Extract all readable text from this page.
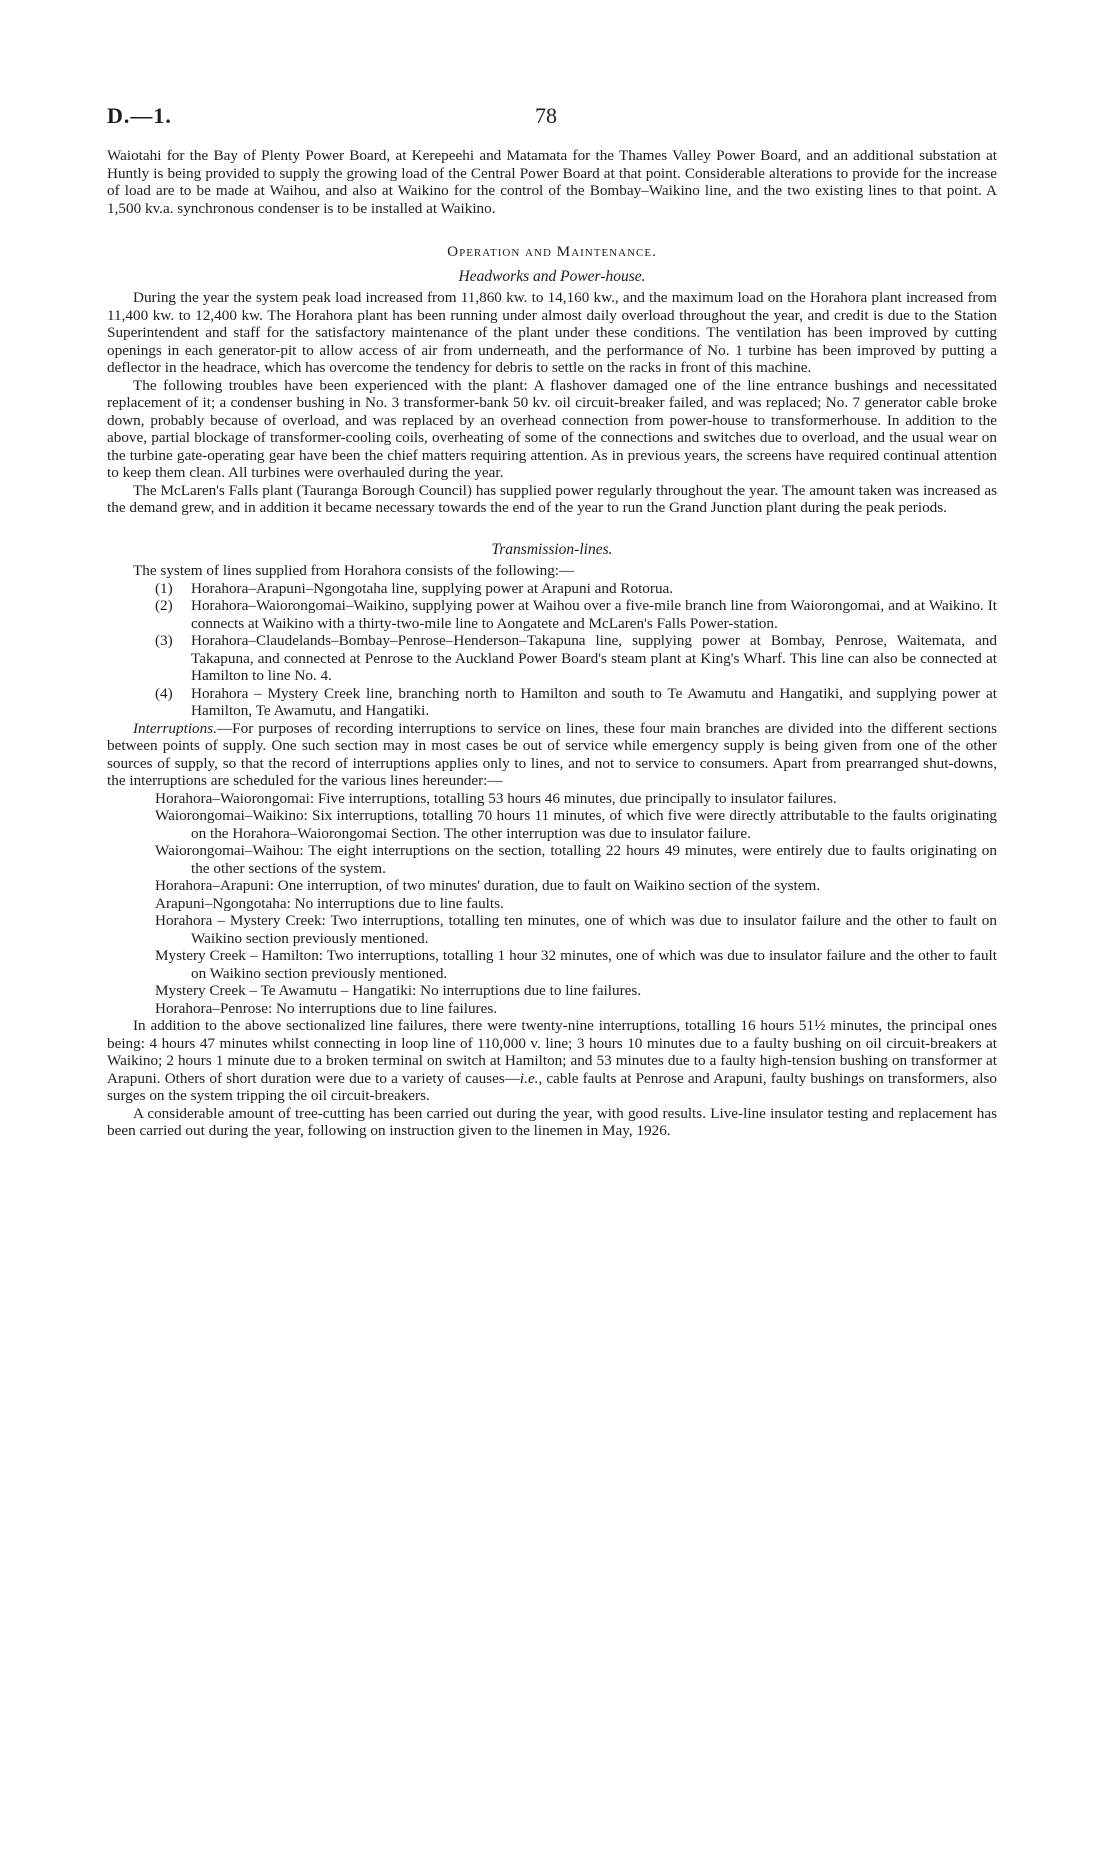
D.—1.	78

Waiotahi for the Bay of Plenty Power Board, at Kerepeehi and Matamata for the Thames Valley Power Board, and an additional substation at Huntly is being provided to supply the growing load of the Central Power Board at that point. Considerable alterations to provide for the increase of load are to be made at Waihou, and also at Waikino for the control of the Bombay–Waikino line, and the two existing lines to that point. A 1,500 kv.a. synchronous condenser is to be installed at Waikino.

Operation and Maintenance.
Headworks and Power-house.

During the year the system peak load increased from 11,860 kw. to 14,160 kw., and the maximum load on the Horahora plant increased from 11,400 kw. to 12,400 kw. The Horahora plant has been running under almost daily overload throughout the year, and credit is due to the Station Superintendent and staff for the satisfactory maintenance of the plant under these conditions. The ventilation has been improved by cutting openings in each generator-pit to allow access of air from underneath, and the performance of No. 1 turbine has been improved by putting a deflector in the headrace, which has overcome the tendency for debris to settle on the racks in front of this machine.

The following troubles have been experienced with the plant: A flashover damaged one of the line entrance bushings and necessitated replacement of it; a condenser bushing in No. 3 transformer-bank 50 kv. oil circuit-breaker failed, and was replaced; No. 7 generator cable broke down, probably because of overload, and was replaced by an overhead connection from power-house to transformerhouse. In addition to the above, partial blockage of transformer-cooling coils, overheating of some of the connections and switches due to overload, and the usual wear on the turbine gate-operating gear have been the chief matters requiring attention. As in previous years, the screens have required continual attention to keep them clean. All turbines were overhauled during the year.

The McLaren's Falls plant (Tauranga Borough Council) has supplied power regularly throughout the year. The amount taken was increased as the demand grew, and in addition it became necessary towards the end of the year to run the Grand Junction plant during the peak periods.

Transmission-lines.

The system of lines supplied from Horahora consists of the following:—

(1) Horahora–Arapuni–Ngongotaha line, supplying power at Arapuni and Rotorua.

(2) Horahora–Waiorongomai–Waikino, supplying power at Waihou over a five-mile branch line from Waiorongomai, and at Waikino. It connects at Waikino with a thirty-two-mile line to Aongatete and McLaren's Falls Power-station.

(3) Horahora–Claudelands–Bombay–Penrose–Henderson–Takapuna line, supplying power at Bombay, Penrose, Waitemata, and Takapuna, and connected at Penrose to the Auckland Power Board's steam plant at King's Wharf. This line can also be connected at Hamilton to line No. 4.

(4) Horahora – Mystery Creek line, branching north to Hamilton and south to Te Awamutu and Hangatiki, and supplying power at Hamilton, Te Awamutu, and Hangatiki.

Interruptions.—For purposes of recording interruptions to service on lines, these four main branches are divided into the different sections between points of supply. One such section may in most cases be out of service while emergency supply is being given from one of the other sources of supply, so that the record of interruptions applies only to lines, and not to service to consumers. Apart from prearranged shut-downs, the interruptions are scheduled for the various lines hereunder:—

Horahora–Waiorongomai: Five interruptions, totalling 53 hours 46 minutes, due principally to insulator failures.

Waiorongomai–Waikino: Six interruptions, totalling 70 hours 11 minutes, of which five were directly attributable to the faults originating on the Horahora–Waiorongomai Section. The other interruption was due to insulator failure.

Waiorongomai–Waihou: The eight interruptions on the section, totalling 22 hours 49 minutes, were entirely due to faults originating on the other sections of the system.

Horahora–Arapuni: One interruption, of two minutes' duration, due to fault on Waikino section of the system.

Arapuni–Ngongotaha: No interruptions due to line faults.

Horahora – Mystery Creek: Two interruptions, totalling ten minutes, one of which was due to insulator failure and the other to fault on Waikino section previously mentioned.

Mystery Creek – Hamilton: Two interruptions, totalling 1 hour 32 minutes, one of which was due to insulator failure and the other to fault on Waikino section previously mentioned.

Mystery Creek – Te Awamutu – Hangatiki: No interruptions due to line failures.

Horahora–Penrose: No interruptions due to line failures.

In addition to the above sectionalized line failures, there were twenty-nine interruptions, totalling 16 hours 51½ minutes, the principal ones being: 4 hours 47 minutes whilst connecting in loop line of 110,000 v. line; 3 hours 10 minutes due to a faulty bushing on oil circuit-breakers at Waikino; 2 hours 1 minute due to a broken terminal on switch at Hamilton; and 53 minutes due to a faulty high-tension bushing on transformer at Arapuni. Others of short duration were due to a variety of causes—i.e., cable faults at Penrose and Arapuni, faulty bushings on transformers, also surges on the system tripping the oil circuit-breakers.

A considerable amount of tree-cutting has been carried out during the year, with good results. Live-line insulator testing and replacement has been carried out during the year, following on instruction given to the linemen in May, 1926.
